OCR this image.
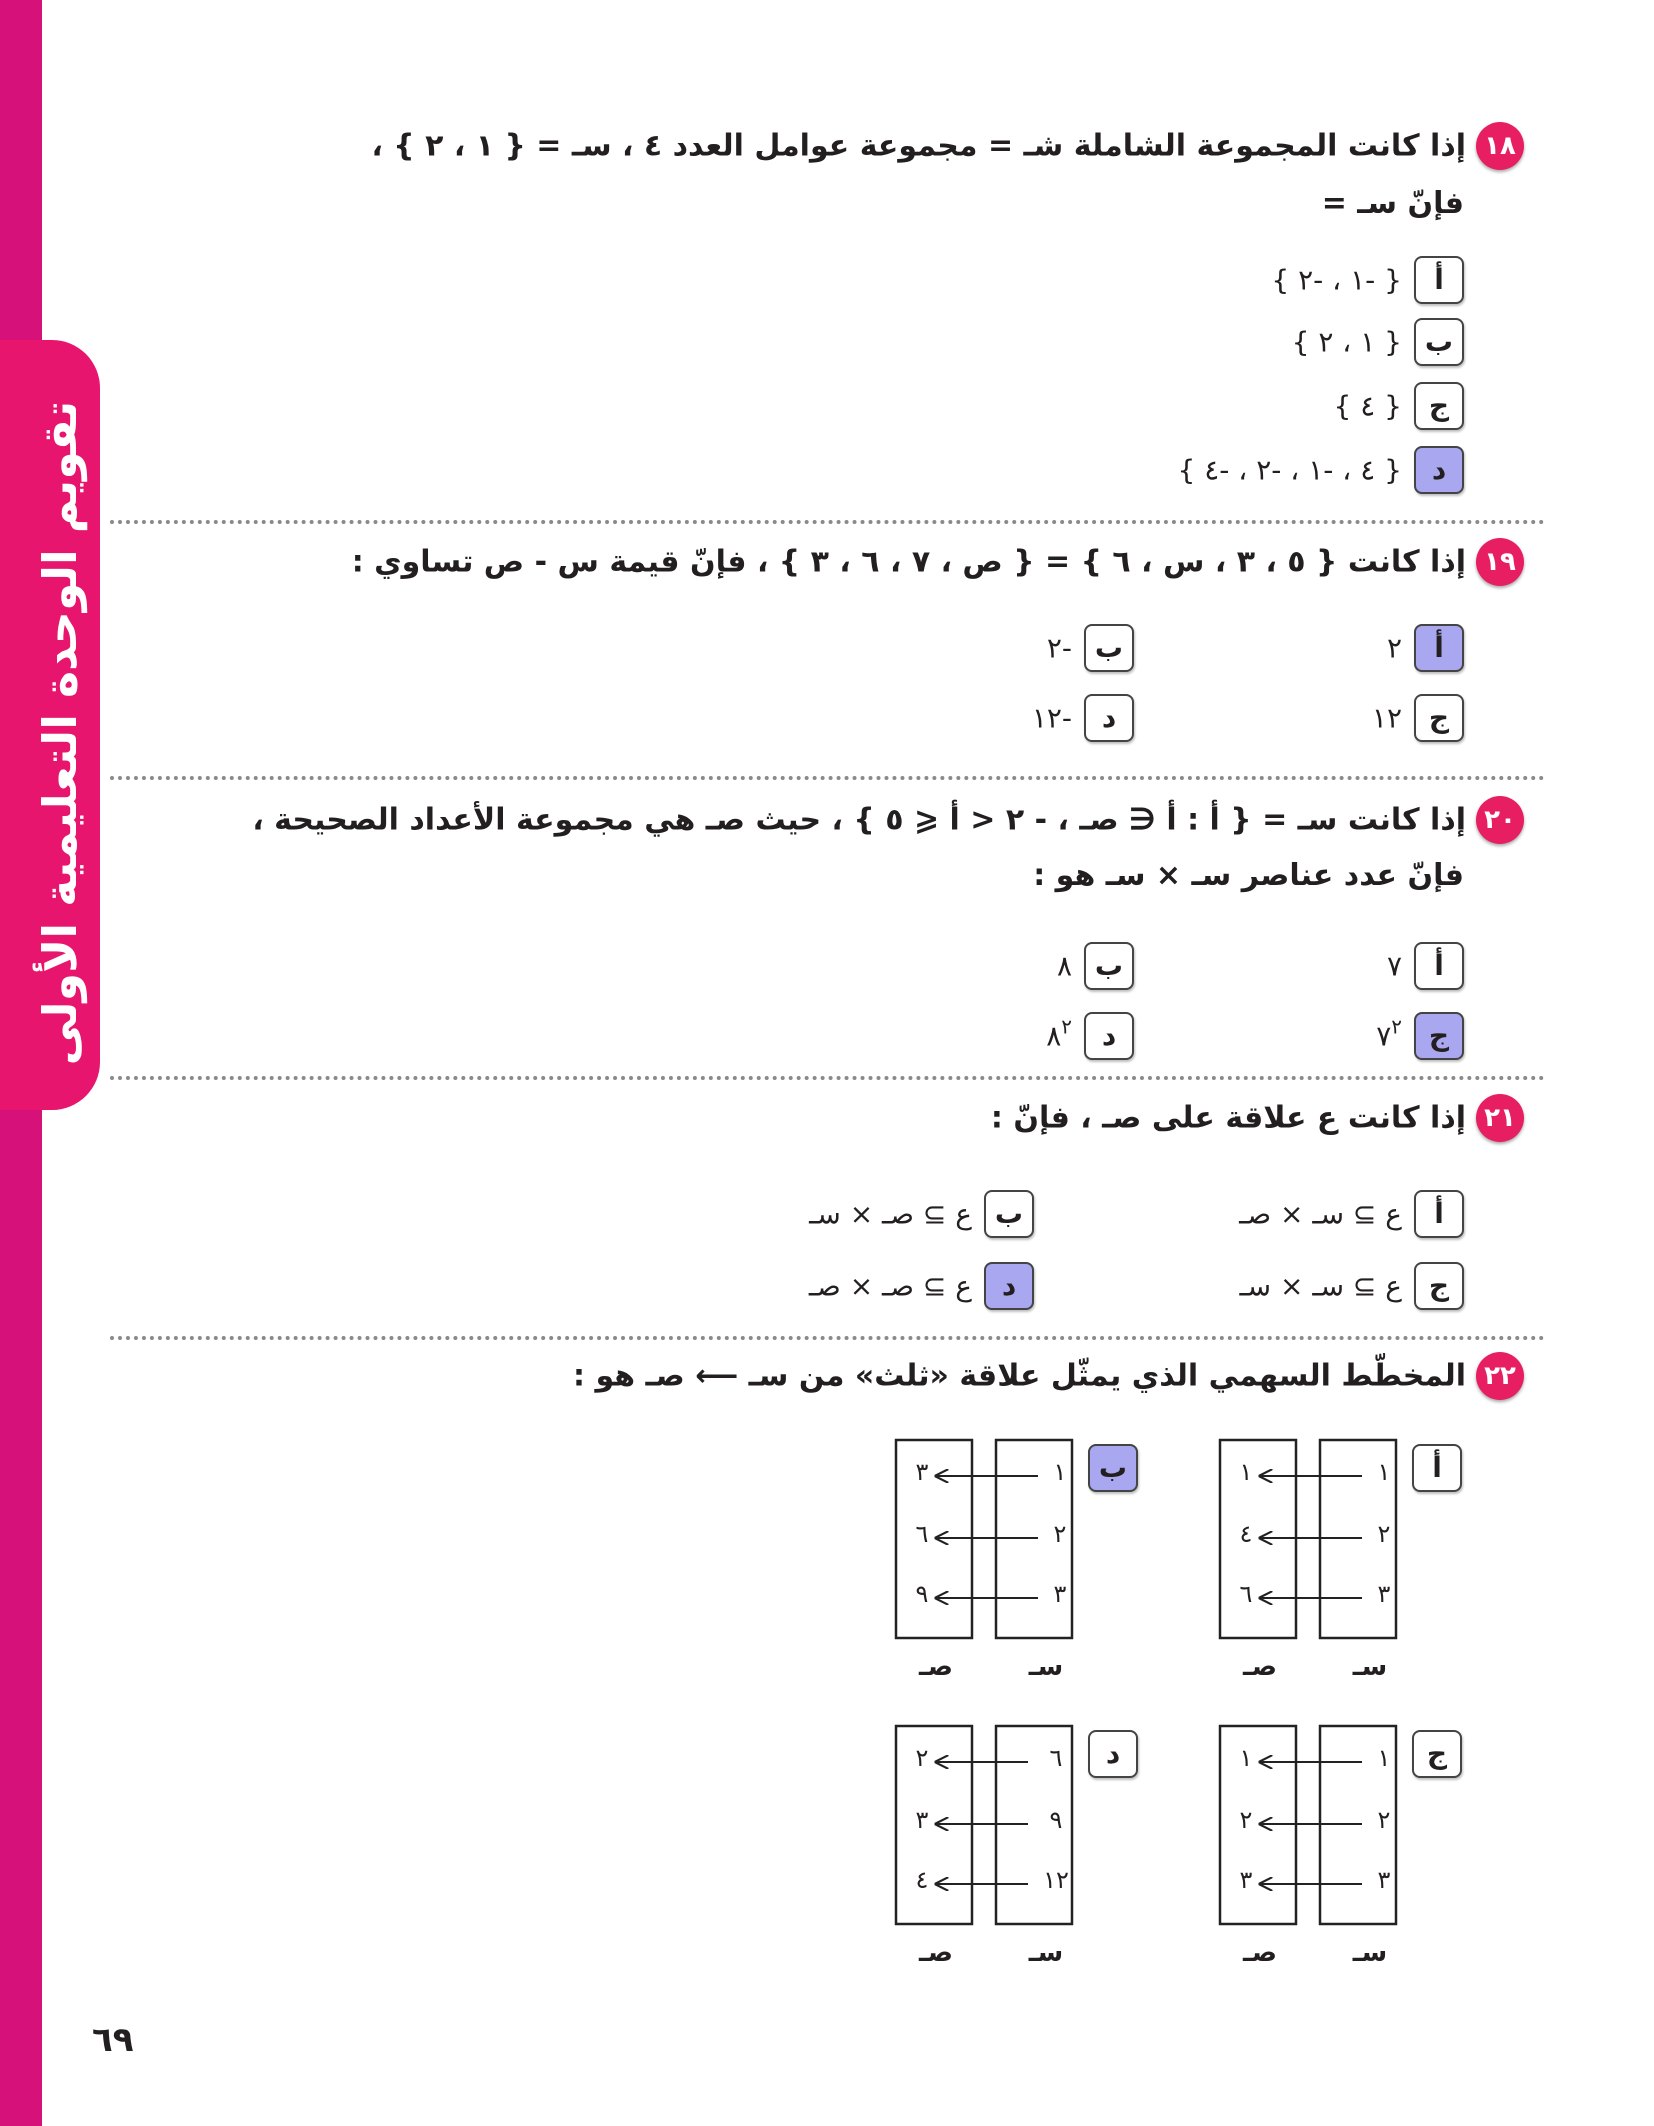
تقويم الوحدة التعليمية الأولى
١٨إذا كانت المجموعة الشاملة شـ = مجموعة عوامل العدد ٤ ، سـ = { ١ ، ٢ } ،
فإنّ سـ =
أ{ -١ ، -٢ }
ب{ ١ ، ٢ }
ج{ ٤ }
د{ ٤ ، -١ ، -٢ ، -٤ }
١٩إذا كانت { ٥ ، ٣ ، س ، ٦ } = { ص ، ٧ ، ٦ ، ٣ } ، فإنّ قيمة س - ص تساوي :
أ٢
ب-٢
ج١٢
د-١٢
٢٠إذا كانت سـ = { أ : أ ∈ صـ ، - ٢ < أ ⩽ ٥ } ، حيث صـ هي مجموعة الأعداد الصحيحة ،
فإنّ عدد عناصر سـ × سـ هو :
أ٧
ب٨
$ج٧^٢$
$د٨^٢$
٢١إذا كانت ع علاقة على صـ ، فإنّ :
أع ⊇ سـ × صـ
بع ⊇ صـ × سـ
جع ⊇ سـ × سـ
دع ⊇ صـ × صـ
٢٢المخطّط السهمي الذي يمثّل علاقة «ثلث» من سـ ⟵ صـ هو :
أ
١
٢
٣
١
٤
٦
سـ
صـ
ب
١
٢
٣
٣
٦
٩
سـ
صـ
ج
١
٢
٣
١
٢
٣
سـ
صـ
د
٦
٩
١٢
٢
٣
٤
سـ
صـ
٦٩
